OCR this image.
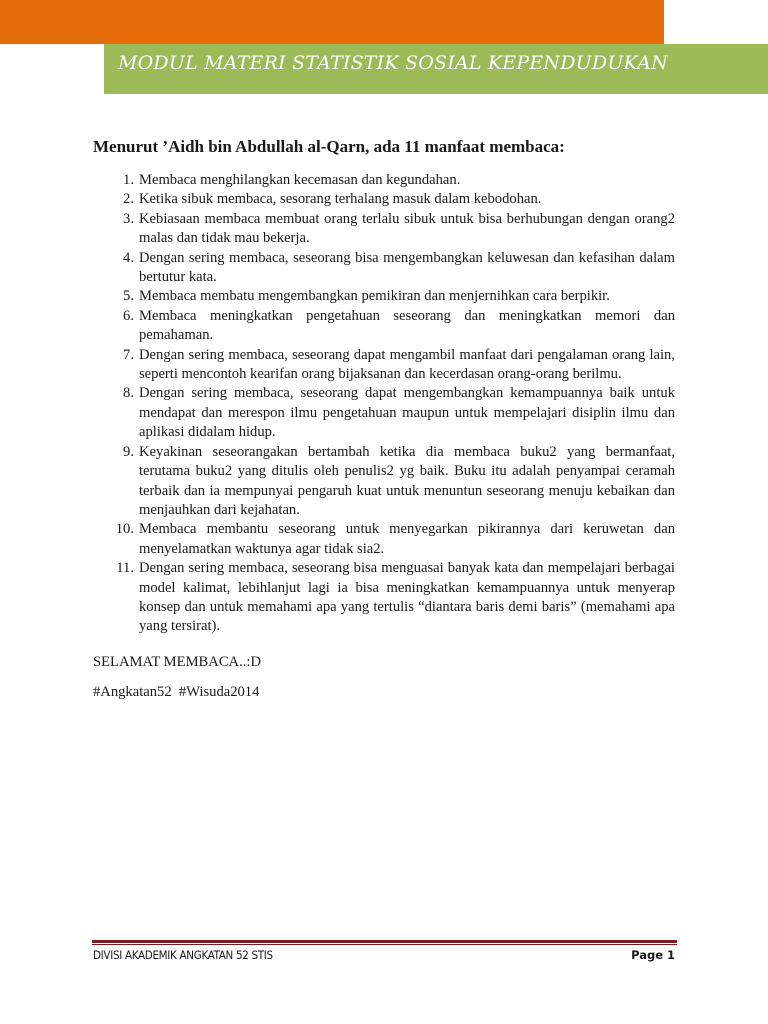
MODUL MATERI STATISTIK SOSIAL KEPENDUDUKAN
Menurut ’Aidh bin Abdullah al-Qarn, ada 11 manfaat membaca:
1. Membaca menghilangkan kecemasan dan kegundahan.
2. Ketika sibuk membaca, sesorang terhalang masuk dalam kebodohan.
3. Kebiasaan membaca membuat orang terlalu sibuk untuk bisa berhubungan dengan orang2 malas dan tidak mau bekerja.
4. Dengan sering membaca, seseorang bisa mengembangkan keluwesan dan kefasihan dalam bertutur kata.
5. Membaca membatu mengembangkan pemikiran dan menjernihkan cara berpikir.
6. Membaca meningkatkan pengetahuan seseorang dan meningkatkan memori dan pemahaman.
7. Dengan sering membaca, seseorang dapat mengambil manfaat dari pengalaman orang lain, seperti mencontoh kearifan orang bijaksanan dan kecerdasan orang-orang berilmu.
8. Dengan sering membaca, seseorang dapat mengembangkan kemampuannya baik untuk mendapat dan merespon ilmu pengetahuan maupun untuk mempelajari disiplin ilmu dan aplikasi didalam hidup.
9. Keyakinan seseorangakan bertambah ketika dia membaca buku2 yang bermanfaat, terutama buku2 yang ditulis oleh penulis2 yg baik. Buku itu adalah penyampai ceramah terbaik dan ia mempunyai pengaruh kuat untuk menuntun seseorang menuju kebaikan dan menjauhkan dari kejahatan.
10. Membaca membantu seseorang untuk menyegarkan pikirannya dari keruwetan dan menyelamatkan waktunya agar tidak sia2.
11. Dengan sering membaca, seseorang bisa menguasai banyak kata dan mempelajari berbagai model kalimat, lebihlanjut lagi ia bisa meningkatkan kemampuannya untuk menyerap konsep dan untuk memahami apa yang tertulis “diantara baris demi baris” (memahami apa yang tersirat).
SELAMAT MEMBACA..:D
#Angkatan52  #Wisuda2014
DIVISI AKADEMIK ANGKATAN 52 STIS	Page 1
